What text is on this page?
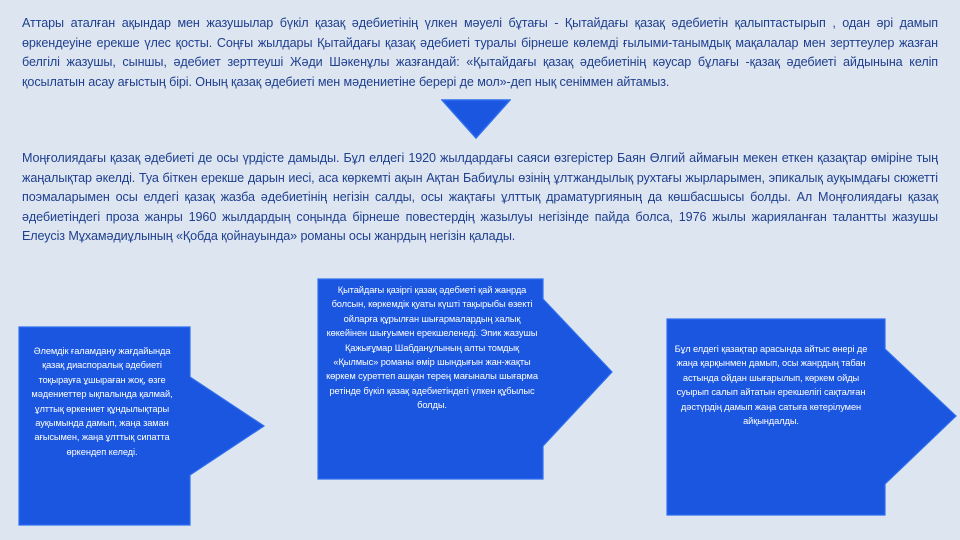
Аттары аталған ақындар мен жазушылар бүкіл қазақ әдебиетінің үлкен мәуелі бұтағы - Қытайдағы қазақ әдебиетін қалыптастырып , одан әрі дамып өркендеуіне ерекше үлес қосты. Соңғы жылдары Қытайдағы қазақ әдебиеті туралы бірнеше көлемді ғылыми-танымдық мақалалар мен зерттеулер жазған белгілі жазушы, сыншы, әдебиет зерттеуші Жәди Шәкенұлы жазғандай: «Қытайдағы қазақ әдебиетінің кәусар бұлағы -қазақ әдебиеті айдынына келіп қосылатын асау ағыстың бірі. Оның қазақ әдебиеті мен мәдениетіне берері де мол»-деп нық сеніммен айтамыз.

Моңғолиядағы қазақ әдебиеті де осы үрдісте дамыды. Бұл елдегі 1920 жылдардағы саяси өзгерістер Баян Өлгий аймағын мекен еткен қазақтар өміріне тың жаңалықтар әкелді. Туа біткен ерекше дарын иесі, аса көркемті ақын Ақтан Бабиұлы өзінің ұлтжандылық рухтағы жырларымен, эпикалық ауқымдағы сюжетті поэмаларымен осы елдегі қазақ жазба әдебиетінің негізін салды, осы жақтағы ұлттық драматургияның да көшбасшысы болды. Ал Моңғолиядағы қазақ әдебиетіндегі проза жанры 1960 жылдардың соңында бірнеше повестердің жазылуы негізінде пайда болса, 1976 жылы жарияланған талантты жазушы Елеусіз Мұхамәдиұлының «Қобда қойнауында» романы осы жанрдың негізін қалады.

Әлемдік ғаламдану жағдайында қазақ диаспоралық әдебиеті тоқырауға ұшыраған жоқ, өзге мәдениеттер ықпалында қалмай, ұлттық өркениет құндылықтары ауқымында дамып, жаңа заман ағысымен, жаңа ұлттық сипатта өркендеп келеді.
Қытайдағы қазіргі қазақ әдебиеті қай жанрда болсын, көркемдік қуаты күшті тақырыбы өзекті ойларға құрылған шығармалардың халық көкейінен шығуымен ерекшеленеді. Эпик жазушы Қажығұмар Шабданұлының алты томдық «Қылмыс» романы өмір шындығын жан-жақты көркем суреттеп ашқан терең мағыналы шығарма ретінде бүкіл қазақ әдебиетіндегі үлкен құбылыс болды.
Бұл елдегі қазақтар арасында айтыс өнері де жаңа қарқынмен дамып, осы жанрдың табан астында ойдан шығарылып, көркем ойды суырып салып айтатын ерекшелігі сақталған дәстүрдің дамып жаңа сатыға көтерілумен айқындалды.
